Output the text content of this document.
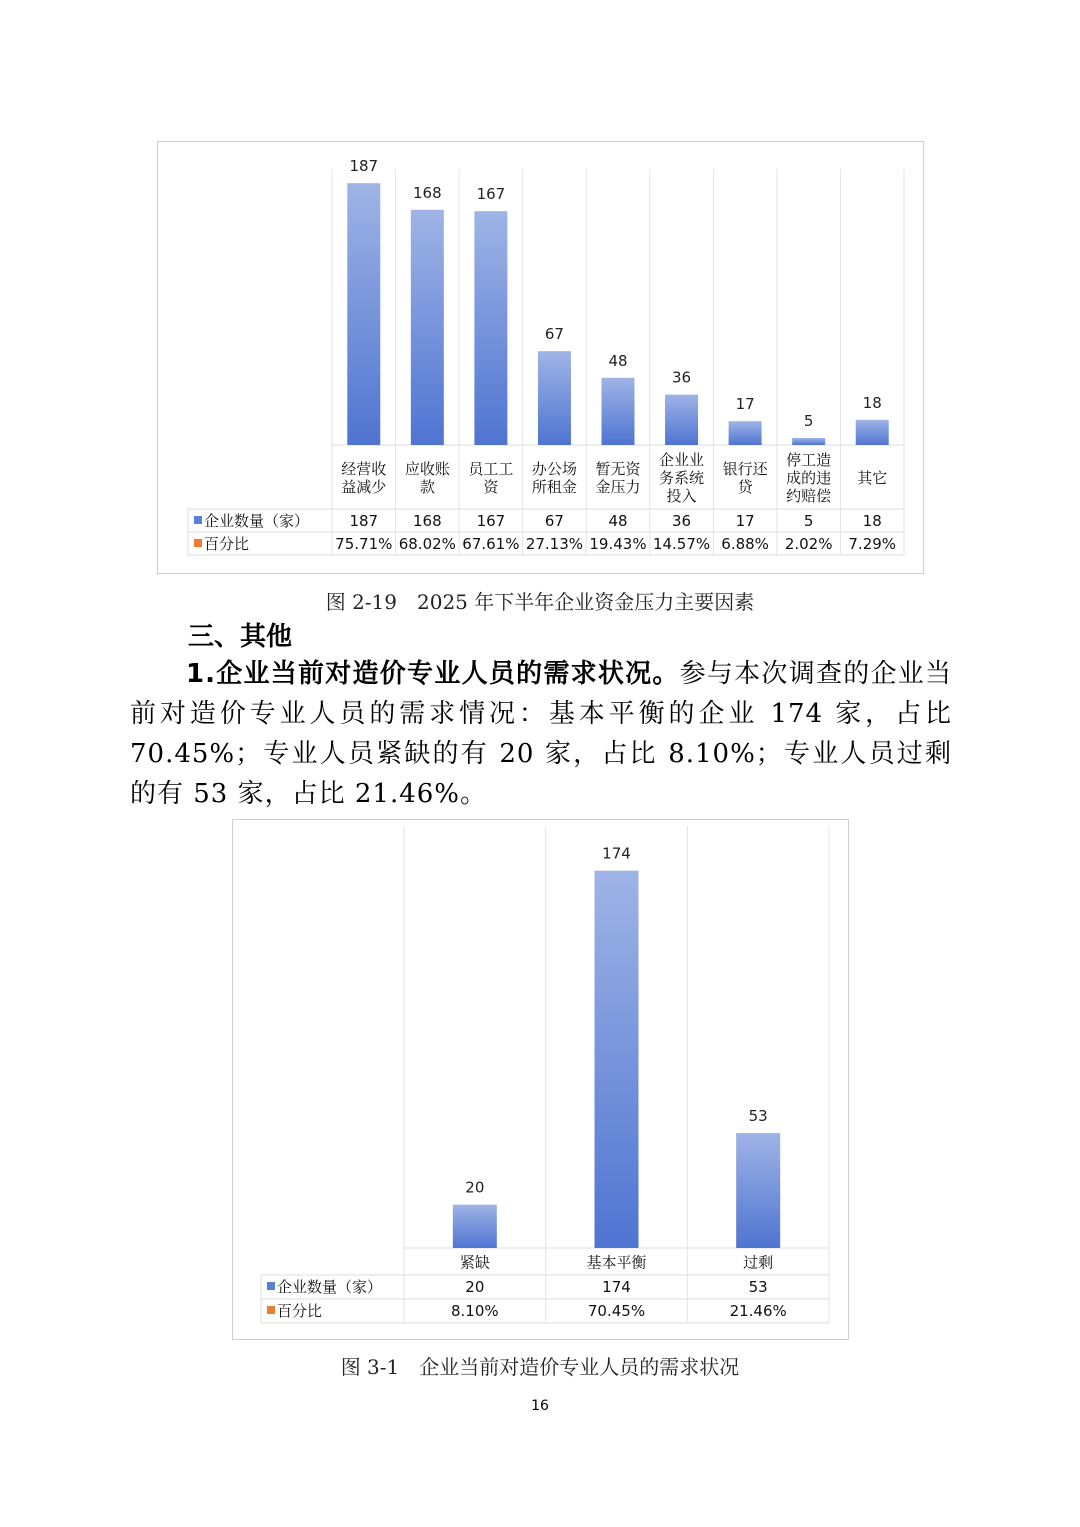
187
经营收
益减少
187
75.71%
168
应收账
款
168
68.02%
167
员工工
资
167
67.61%
67
办公场
所租金
67
27.13%
48
暂无资
金压力
48
19.43%
36
企业业
务系统
投入
36
14.57%
17
银行还
贷
17
6.88%
5
停工造
成的违
约赔偿
5
2.02%
18
其它
18
7.29%
企业数量（家）
百分比
图 2-19　2025 年下半年企业资金压力主要因素
三、其他
1.企业当前对造价专业人员的需求状况。参与本次调查的企业当前对造价专业人员的需求情况：基本平衡的企业 174 家，占比 70.45%；专业人员紧缺的有 20 家，占比 8.10%；专业人员过剩的有 53 家，占比 21.46%。
20
紧缺
20
8.10%
174
基本平衡
174
70.45%
53
过剩
53
21.46%
企业数量（家）
百分比
图 3-1　企业当前对造价专业人员的需求状况
16
